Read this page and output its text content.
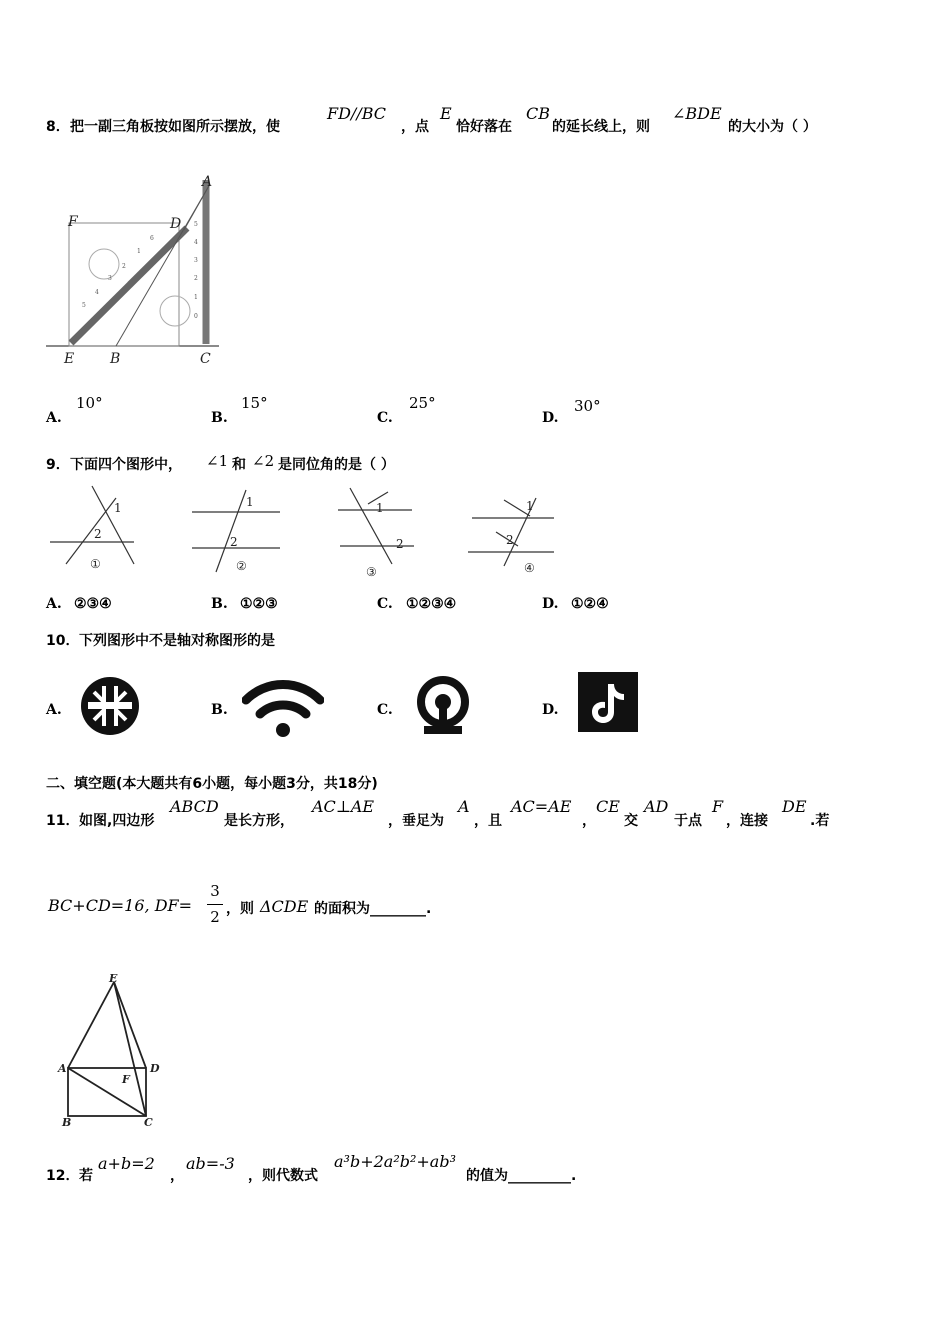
8． 把一副三角板按如图所示摆放，使
FD//BC
，点
E
恰好落在
CB
的延长线上，则
∠BDE
的大小为（ ）
1
2
3
4
5
6
0
1
2
3
4
5
A
F	D
E	B	C
A.
10°
B.
15°
C.
25°
D.
30°
9． 下面四个图形中， ∠1 和 ∠2 是同位角的是（ ）
1
2
①
1
2
②
1
2
③
1
2
④
A. ②③④	B. ①②③	C. ①②③④	D. ①②④
10． 下列图形中不是轴对称图形的是
A.	B.	C.	D.
二、填空题(本大题共有6小题，每小题3分，共18分)
11． 如图,四边形
ABCD
是长方形，
AC⊥AE
，垂足为
A
，且
AC=AE
，
CE
交
AD
于点
F
，连接
DE
.若
BC+CD=16, DF=
3
2 ，则 ΔCDE 的面积为________.
E
A	D
F
B	C
12． 若
a+b=2
，
ab=-3
，则代数式
a³b+2a²b²+ab³
的值为_________.
